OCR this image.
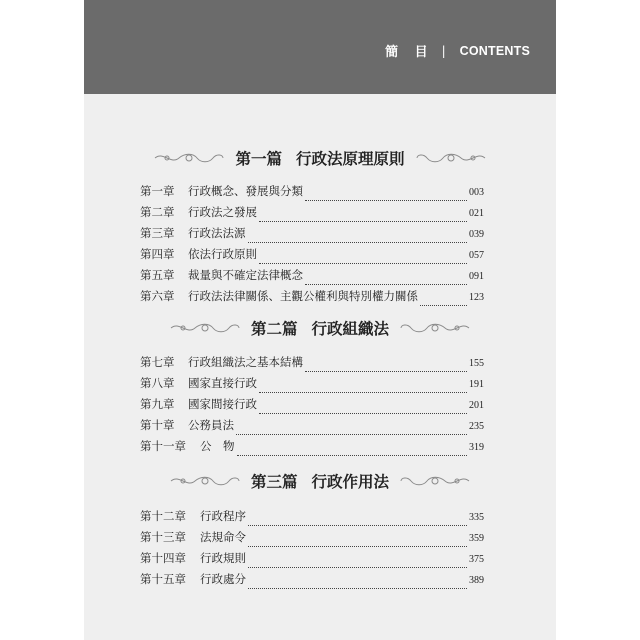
簡 目 | CONTENTS
第一篇 行政法原理原則
第一章	行政概念、發展與分類	003
第二章	行政法之發展	021
第三章	行政法法源	039
第四章	依法行政原則	057
第五章	裁量與不確定法律概念	091
第六章	行政法法律關係、主觀公權利與特別權力關係	123
第二篇 行政組織法
第七章	行政組織法之基本結構	155
第八章	國家直接行政	191
第九章	國家間接行政	201
第十章	公務員法	235
第十一章	公　物	319
第三篇 行政作用法
第十二章	行政程序	335
第十三章	法規命令	359
第十四章	行政規則	375
第十五章	行政處分	389
